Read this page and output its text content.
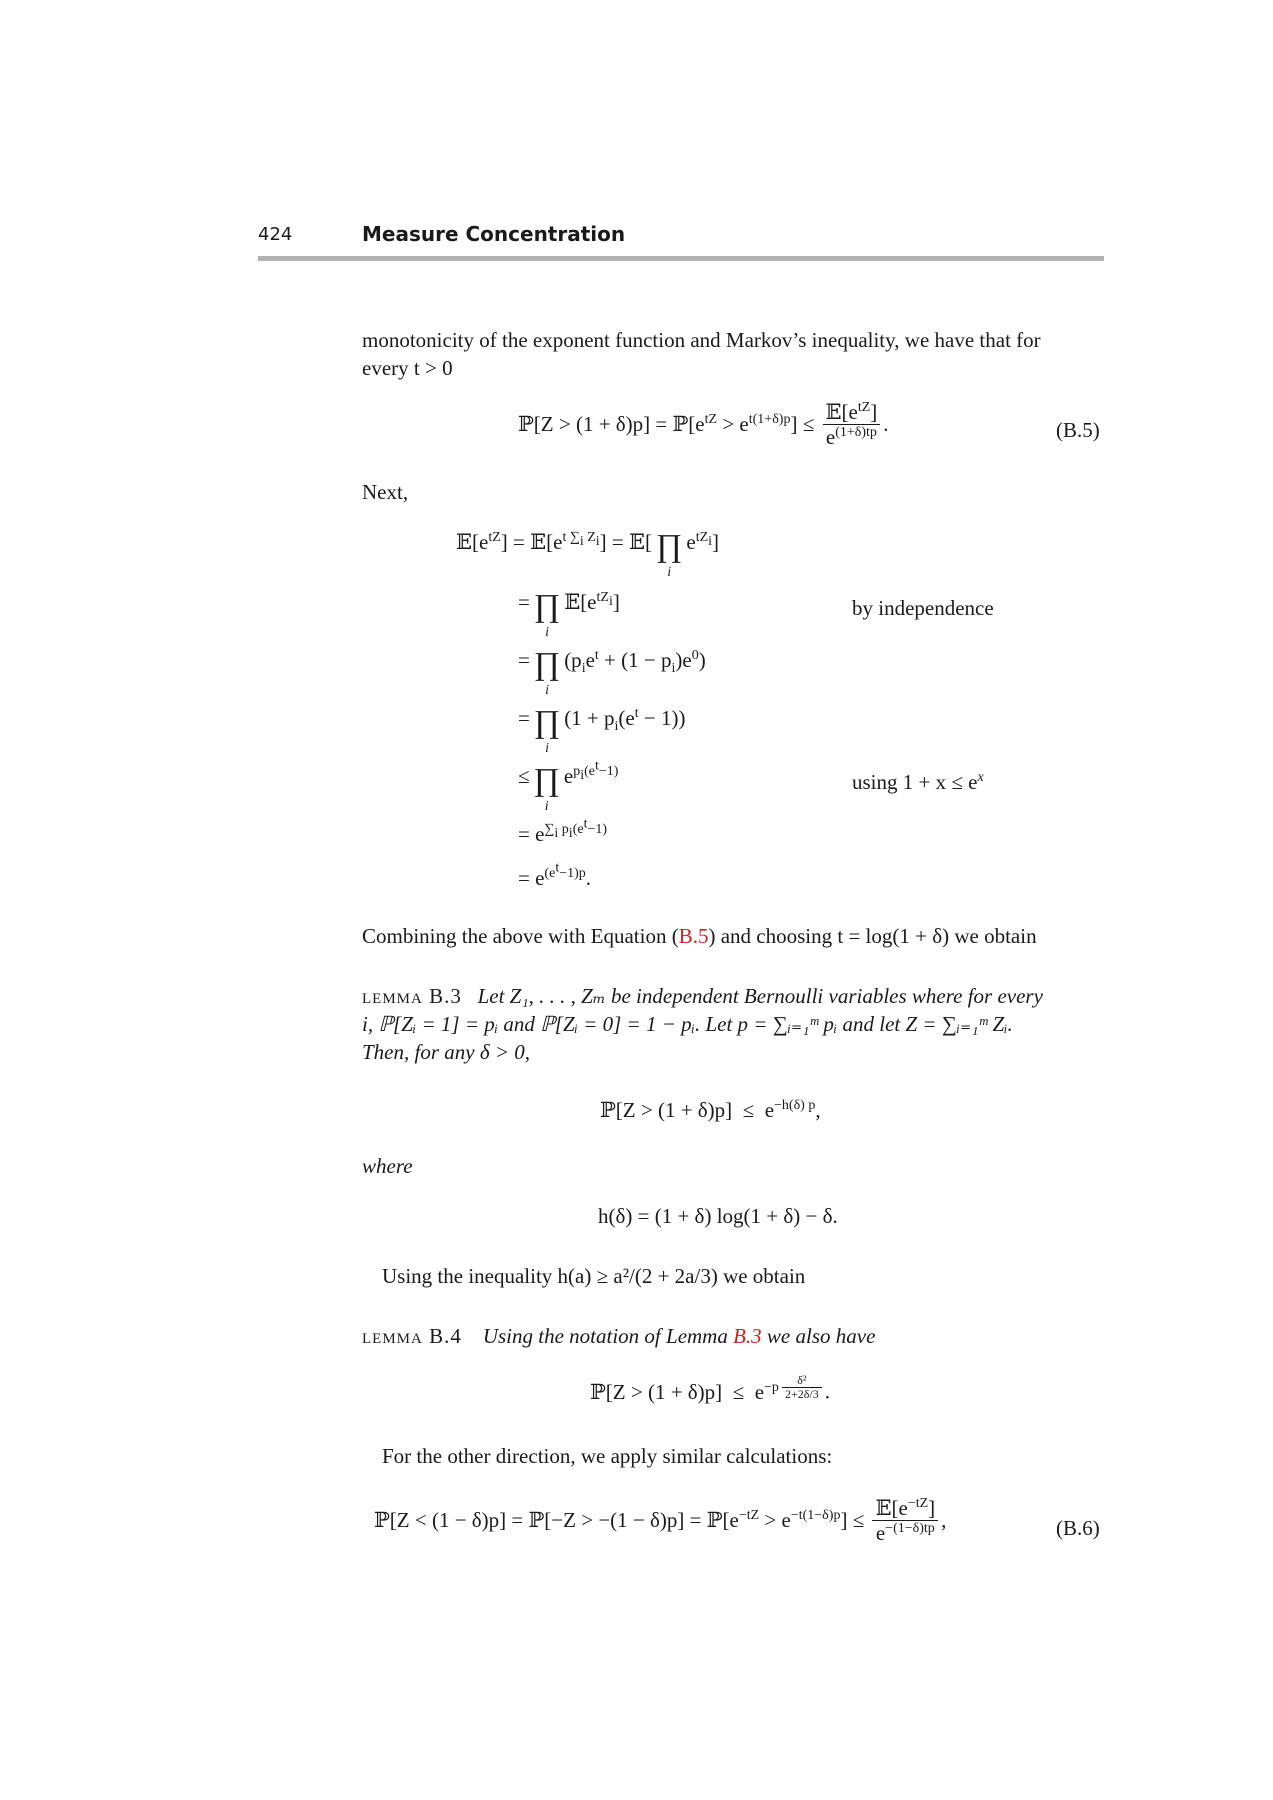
424	Measure Concentration
monotonicity of the exponent function and Markov’s inequality, we have that for
every t > 0
ℙ[Z > $(1 + \delta)p] = ℙ[e^{tZ} > e^{t(1+\delta)p}] \le \frac{𝔼[e^{tZ}]}{e^{(1+\delta)tp}}$ .	(B.5)
Next,
$𝔼[e^{tZ}]$ = $𝔼[e^{t \sum_i Z_i}]$ = 𝔼[ ∏
i
$e^{tZ_i}$]
= ∏
i
$𝔼[e^{tZ_i}]$
= ∏
i
$(p_ie^t + (1 - p_i)e^0)$
= ∏
i
$(1 + p_i(e^t - 1))$
≤ ∏
i
$e^{p_i(e^t-1)}$
= $e^{\sum_i p_i(e^t-1)}$
= $e^{(e^t-1)p}$.
by independence
using $1 + x \le e^x$
Combining the above with Equation (B.5) and choosing t = log(1 + δ) we obtain
lemma B.3 Let Z₁, . . . , Zₘ be independent Bernoulli variables where for every
i, ℙ[Zᵢ = 1] = pᵢ and ℙ[Zᵢ = 0] = 1 − pᵢ. Let p = ∑ᵢ₌₁ᵐ pᵢ and let Z = ∑ᵢ₌₁ᵐ Zᵢ.
Then, for any δ > 0,
ℙ[Z > $(1 + \delta)p] \le e^{-h(\delta) p}$,
where
h(δ) = (1 + δ) log(1 + δ) − δ.
Using the inequality h(a) ≥ a²/(2 + 2a/3) we obtain
lemma B.4 Using the notation of Lemma B.3 we also have
ℙ[Z > $(1 + \delta)p] \le e^{-p} \frac{\text{δ²}}{2+2\delta/3}$ .
For the other direction, we apply similar calculations:
ℙ[Z < (1 − δ)p] = ℙ[−Z > $-(1 - \delta)p] = ℙ[e^{-tZ} > e^{-t(1-\delta)p}] \le \frac{𝔼[e^{-tZ}]}{e^{-(1-\delta)tp}}$ ,	(B.6)
